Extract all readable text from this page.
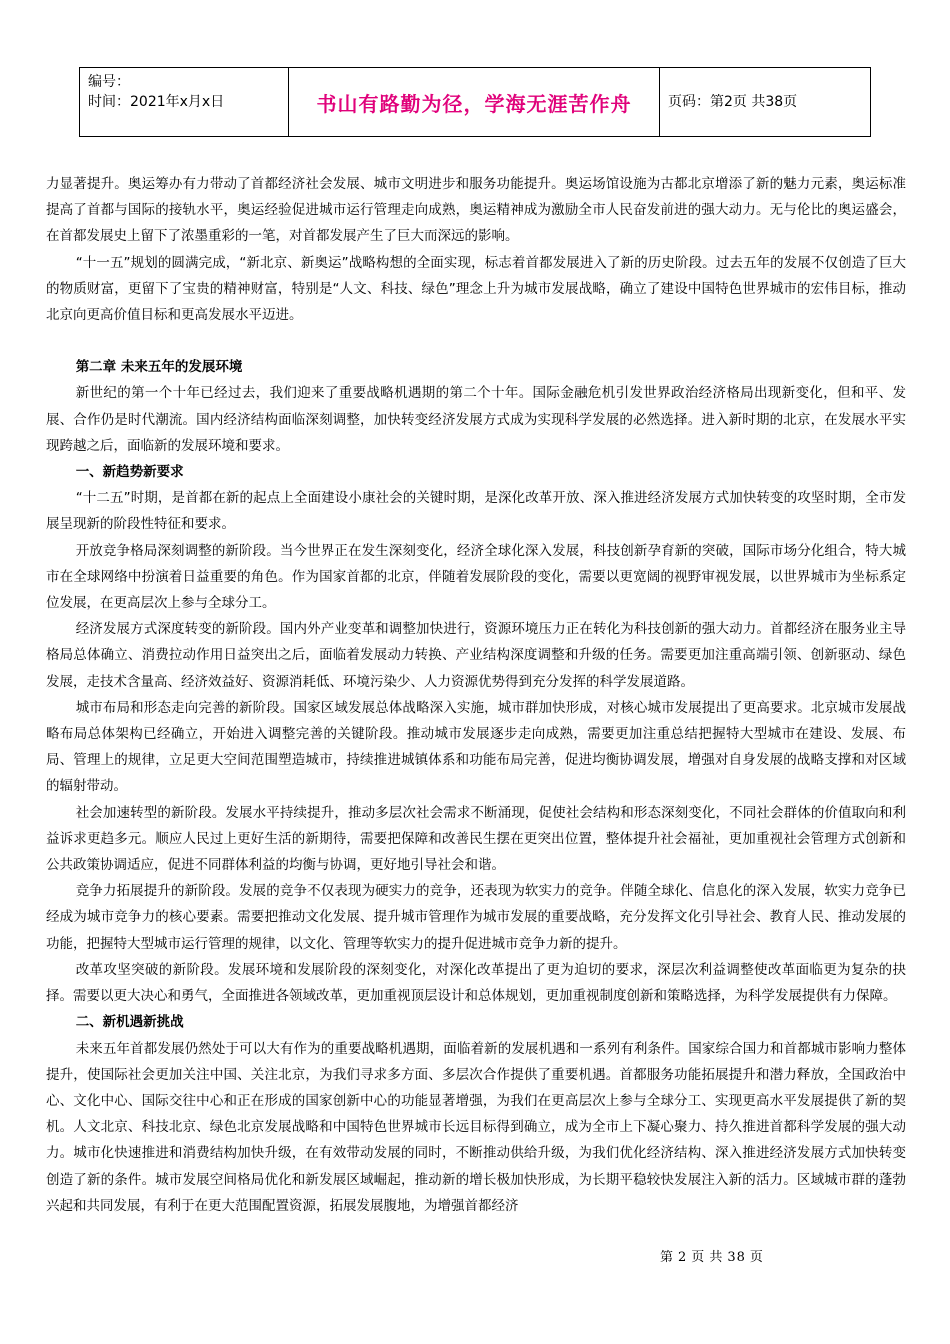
编号：
时间：2021年x月x日	书山有路勤为径，学海无涯苦作舟	页码：第2页 共38页

力显著提升。奥运筹办有力带动了首都经济社会发展、城市文明进步和服务功能提升。奥运场馆设施为古都北京增添了新的魅力元素，奥运标准提高了首都与国际的接轨水平，奥运经验促进城市运行管理走向成熟，奥运精神成为激励全市人民奋发前进的强大动力。无与伦比的奥运盛会，在首都发展史上留下了浓墨重彩的一笔，对首都发展产生了巨大而深远的影响。

“十一五”规划的圆满完成，“新北京、新奥运”战略构想的全面实现，标志着首都发展进入了新的历史阶段。过去五年的发展不仅创造了巨大的物质财富，更留下了宝贵的精神财富，特别是“人文、科技、绿色”理念上升为城市发展战略，确立了建设中国特色世界城市的宏伟目标，推动北京向更高价值目标和更高发展水平迈进。

第二章 未来五年的发展环境

新世纪的第一个十年已经过去，我们迎来了重要战略机遇期的第二个十年。国际金融危机引发世界政治经济格局出现新变化，但和平、发展、合作仍是时代潮流。国内经济结构面临深刻调整，加快转变经济发展方式成为实现科学发展的必然选择。进入新时期的北京，在发展水平实现跨越之后，面临新的发展环境和要求。

一、新趋势新要求

“十二五”时期，是首都在新的起点上全面建设小康社会的关键时期，是深化改革开放、深入推进经济发展方式加快转变的攻坚时期，全市发展呈现新的阶段性特征和要求。

开放竞争格局深刻调整的新阶段。当今世界正在发生深刻变化，经济全球化深入发展，科技创新孕育新的突破，国际市场分化组合，特大城市在全球网络中扮演着日益重要的角色。作为国家首都的北京，伴随着发展阶段的变化，需要以更宽阔的视野审视发展，以世界城市为坐标系定位发展，在更高层次上参与全球分工。

经济发展方式深度转变的新阶段。国内外产业变革和调整加快进行，资源环境压力正在转化为科技创新的强大动力。首都经济在服务业主导格局总体确立、消费拉动作用日益突出之后，面临着发展动力转换、产业结构深度调整和升级的任务。需要更加注重高端引领、创新驱动、绿色发展，走技术含量高、经济效益好、资源消耗低、环境污染少、人力资源优势得到充分发挥的科学发展道路。

城市布局和形态走向完善的新阶段。国家区域发展总体战略深入实施，城市群加快形成，对核心城市发展提出了更高要求。北京城市发展战略布局总体架构已经确立，开始进入调整完善的关键阶段。推动城市发展逐步走向成熟，需要更加注重总结把握特大型城市在建设、发展、布局、管理上的规律，立足更大空间范围塑造城市，持续推进城镇体系和功能布局完善，促进均衡协调发展，增强对自身发展的战略支撑和对区域的辐射带动。

社会加速转型的新阶段。发展水平持续提升，推动多层次社会需求不断涌现，促使社会结构和形态深刻变化，不同社会群体的价值取向和利益诉求更趋多元。顺应人民过上更好生活的新期待，需要把保障和改善民生摆在更突出位置，整体提升社会福祉，更加重视社会管理方式创新和公共政策协调适应，促进不同群体利益的均衡与协调，更好地引导社会和谐。

竞争力拓展提升的新阶段。发展的竞争不仅表现为硬实力的竞争，还表现为软实力的竞争。伴随全球化、信息化的深入发展，软实力竞争已经成为城市竞争力的核心要素。需要把推动文化发展、提升城市管理作为城市发展的重要战略，充分发挥文化引导社会、教育人民、推动发展的功能，把握特大型城市运行管理的规律，以文化、管理等软实力的提升促进城市竞争力新的提升。

改革攻坚突破的新阶段。发展环境和发展阶段的深刻变化，对深化改革提出了更为迫切的要求，深层次利益调整使改革面临更为复杂的抉择。需要以更大决心和勇气，全面推进各领域改革，更加重视顶层设计和总体规划，更加重视制度创新和策略选择，为科学发展提供有力保障。

二、新机遇新挑战

未来五年首都发展仍然处于可以大有作为的重要战略机遇期，面临着新的发展机遇和一系列有利条件。国家综合国力和首都城市影响力整体提升，使国际社会更加关注中国、关注北京，为我们寻求多方面、多层次合作提供了重要机遇。首都服务功能拓展提升和潜力释放，全国政治中心、文化中心、国际交往中心和正在形成的国家创新中心的功能显著增强，为我们在更高层次上参与全球分工、实现更高水平发展提供了新的契机。人文北京、科技北京、绿色北京发展战略和中国特色世界城市长远目标得到确立，成为全市上下凝心聚力、持久推进首都科学发展的强大动力。城市化快速推进和消费结构加快升级，在有效带动发展的同时，不断推动供给升级，为我们优化经济结构、深入推进经济发展方式加快转变创造了新的条件。城市发展空间格局优化和新发展区域崛起，推动新的增长极加快形成，为长期平稳较快发展注入新的活力。区域城市群的蓬勃兴起和共同发展，有利于在更大范围配置资源，拓展发展腹地，为增强首都经济

第 2 页 共 38 页
